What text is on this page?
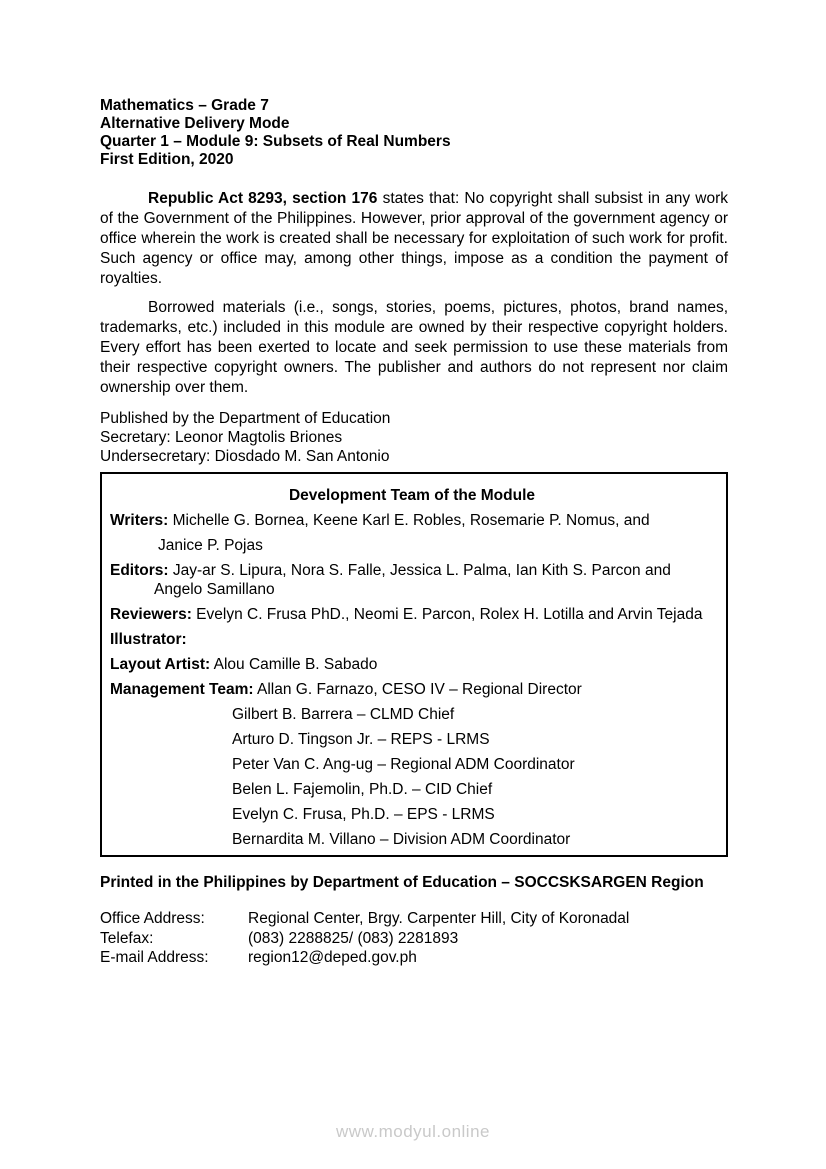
Mathematics – Grade 7
Alternative Delivery Mode
Quarter 1 – Module 9: Subsets of Real Numbers
First Edition, 2020

Republic Act 8293, section 176 states that: No copyright shall subsist in any work of the Government of the Philippines. However, prior approval of the government agency or office wherein the work is created shall be necessary for exploitation of such work for profit. Such agency or office may, among other things, impose as a condition the payment of royalties.

Borrowed materials (i.e., songs, stories, poems, pictures, photos, brand names, trademarks, etc.) included in this module are owned by their respective copyright holders. Every effort has been exerted to locate and seek permission to use these materials from their respective copyright owners. The publisher and authors do not represent nor claim ownership over them.

Published by the Department of Education
Secretary: Leonor Magtolis Briones
Undersecretary: Diosdado M. San Antonio
Development Team of the Module
Writers: Michelle G. Bornea, Keene Karl E. Robles, Rosemarie P. Nomus, and
Janice P. Pojas
Editors: Jay-ar S. Lipura, Nora S. Falle, Jessica L. Palma, Ian Kith S. Parcon and
Angelo Samillano
Reviewers: Evelyn C. Frusa PhD., Neomi E. Parcon, Rolex H. Lotilla and Arvin Tejada
Illustrator:
Layout Artist: Alou Camille B. Sabado
Management Team: Allan G. Farnazo, CESO IV – Regional Director
Gilbert B. Barrera – CLMD Chief
Arturo D. Tingson Jr. – REPS - LRMS
Peter Van C. Ang-ug – Regional ADM Coordinator
Belen L. Fajemolin, Ph.D. – CID Chief
Evelyn C. Frusa, Ph.D. – EPS - LRMS
Bernardita M. Villano – Division ADM Coordinator
Printed in the Philippines by Department of Education – SOCCSKSARGEN Region
Office Address:	Regional Center, Brgy. Carpenter Hill, City of Koronadal
Telefax:	(083) 2288825/ (083) 2281893
E-mail Address:	region12@deped.gov.ph
www.modyul.online
